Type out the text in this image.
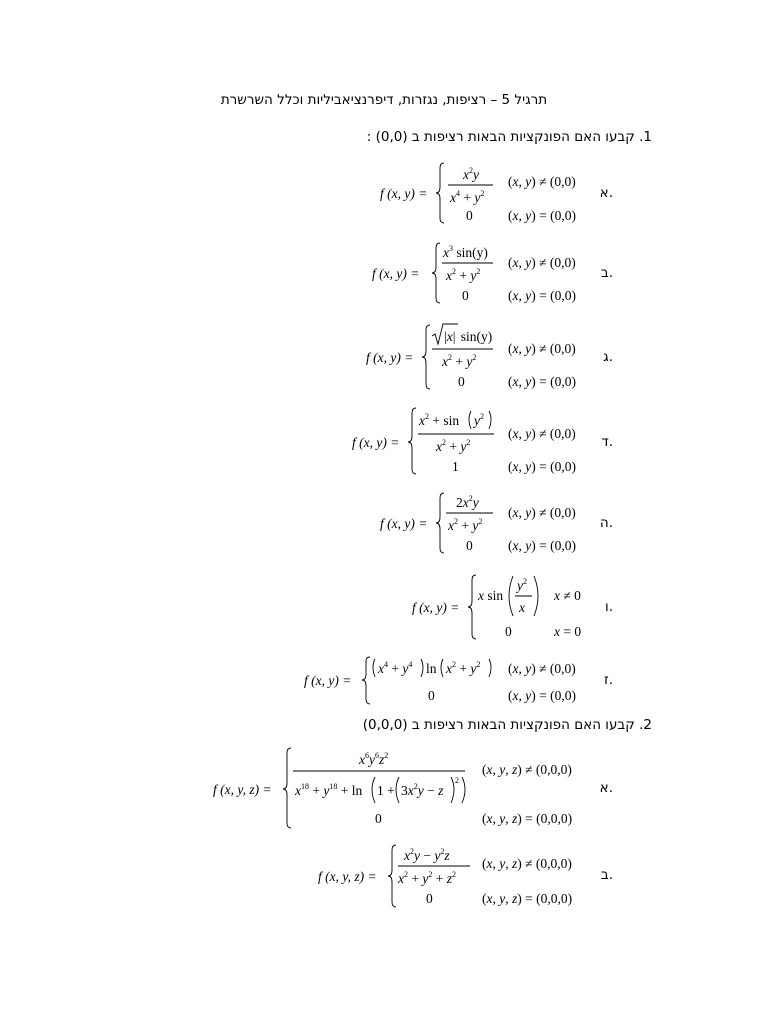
תרגיל 5 – רציפות, נגזרות, דיפרנציאביליות וכלל השרשרת
1. קבעו האם הפונקציות הבאות רציפות ב (0,0) :
2. קבעו האם הפונקציות הבאות רציפות ב (0,0,0)
א.
ב.
ג.
ד.
ה.
ו.
ז.
א.
ב.
f (x, y) =
$x^2y$
$x^4 + y^2$
0
(x, y) ≠ (0,0)
(x, y) = (0,0)
f (x, y) =
$x^3$ sin(y)
$x^2 + y^2$
0
(x, y) ≠ (0,0)
(x, y) = (0,0)
f (x, y) =
|x| sin(y)
$x^2 + y^2$
0
(x, y) ≠ (0,0)
(x, y) = (0,0)
f (x, y) =
$x^2 + \sin y^2$
$x^2 + y^2$
1
(x, y) ≠ (0,0)
(x, y) = (0,0)
f (x, y) =
$2x^2y$
$x^2 + y^2$
0
(x, y) ≠ (0,0)
(x, y) = (0,0)
f (x, y) =
x sin
$y^2$
x
0
x ≠ 0
x = 0
f (x, y) =
$x^4 + y^4$ $\ln x^2 + y^2$
0
(x, y) ≠ (0,0)
(x, y) = (0,0)
f (x, y, z) =
$x^6y^6z^2$
$x^{18} + y^{18} + \ln 1 + 3x^2y - z$
2
0
(x, y, z) ≠ (0,0,0)
(x, y, z) = (0,0,0)
f (x, y, z) =
$x^2y - y^2z$
$x^2 + y^2 + z^2$
0
(x, y, z) ≠ (0,0,0)
(x, y, z) = (0,0,0)
